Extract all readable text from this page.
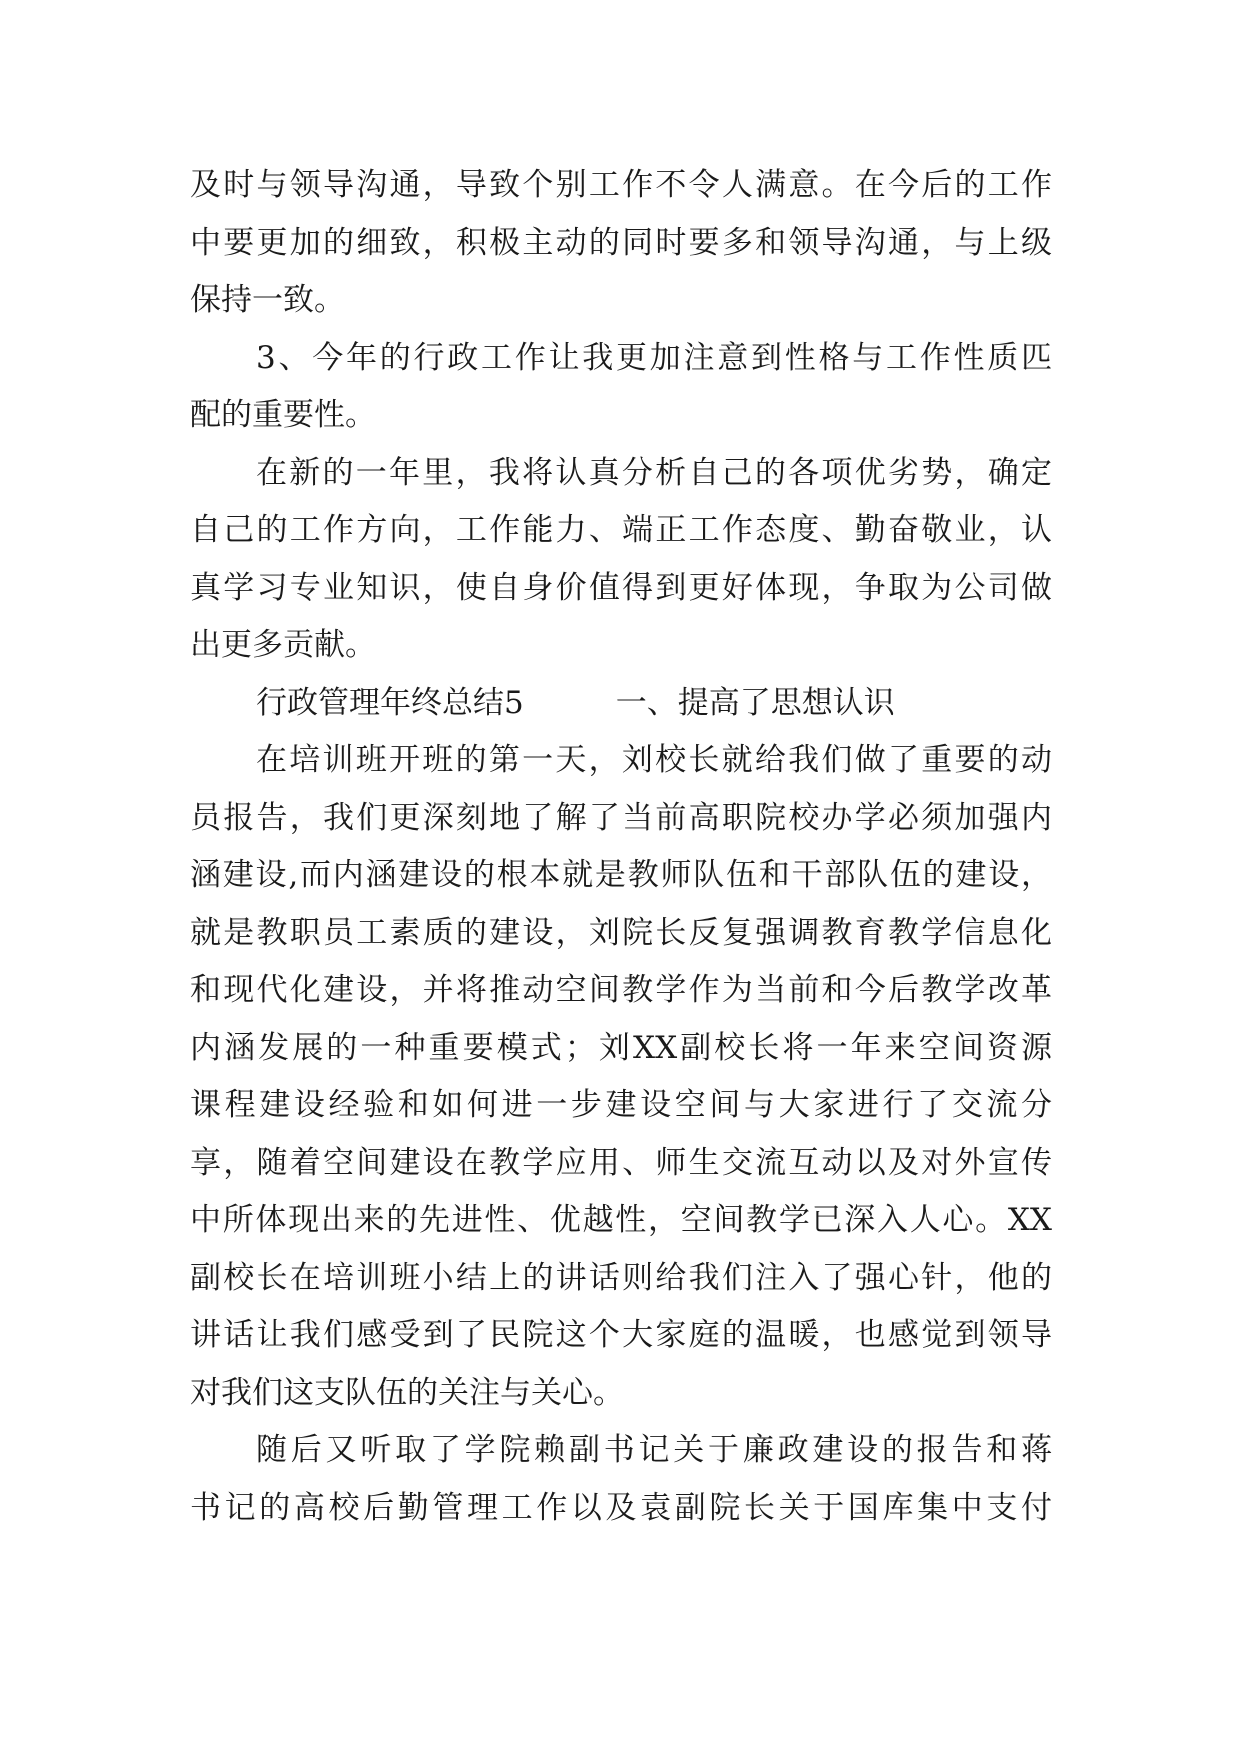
及时与领导沟通，导致个别工作不令人满意。在今后的工作
中要更加的细致，积极主动的同时要多和领导沟通，与上级
保持一致。
3、今年的行政工作让我更加注意到性格与工作性质匹
配的重要性。
在新的一年里，我将认真分析自己的各项优劣势，确定
自己的工作方向，工作能力、端正工作态度、勤奋敬业，认
真学习专业知识，使自身价值得到更好体现，争取为公司做
出更多贡献。
行政管理年终总结5	一、提高了思想认识
在培训班开班的第一天，刘校长就给我们做了重要的动
员报告，我们更深刻地了解了当前高职院校办学必须加强内
涵建设,而内涵建设的根本就是教师队伍和干部队伍的建设，
就是教职员工素质的建设，刘院长反复强调教育教学信息化
和现代化建设，并将推动空间教学作为当前和今后教学改革
内涵发展的一种重要模式；刘XX副校长将一年来空间资源
课程建设经验和如何进一步建设空间与大家进行了交流分
享，随着空间建设在教学应用、师生交流互动以及对外宣传
中所体现出来的先进性、优越性，空间教学已深入人心。XX
副校长在培训班小结上的讲话则给我们注入了强心针，他的
讲话让我们感受到了民院这个大家庭的温暖，也感觉到领导
对我们这支队伍的关注与关心。
随后又听取了学院赖副书记关于廉政建设的报告和蒋
书记的高校后勤管理工作以及袁副院长关于国库集中支付
